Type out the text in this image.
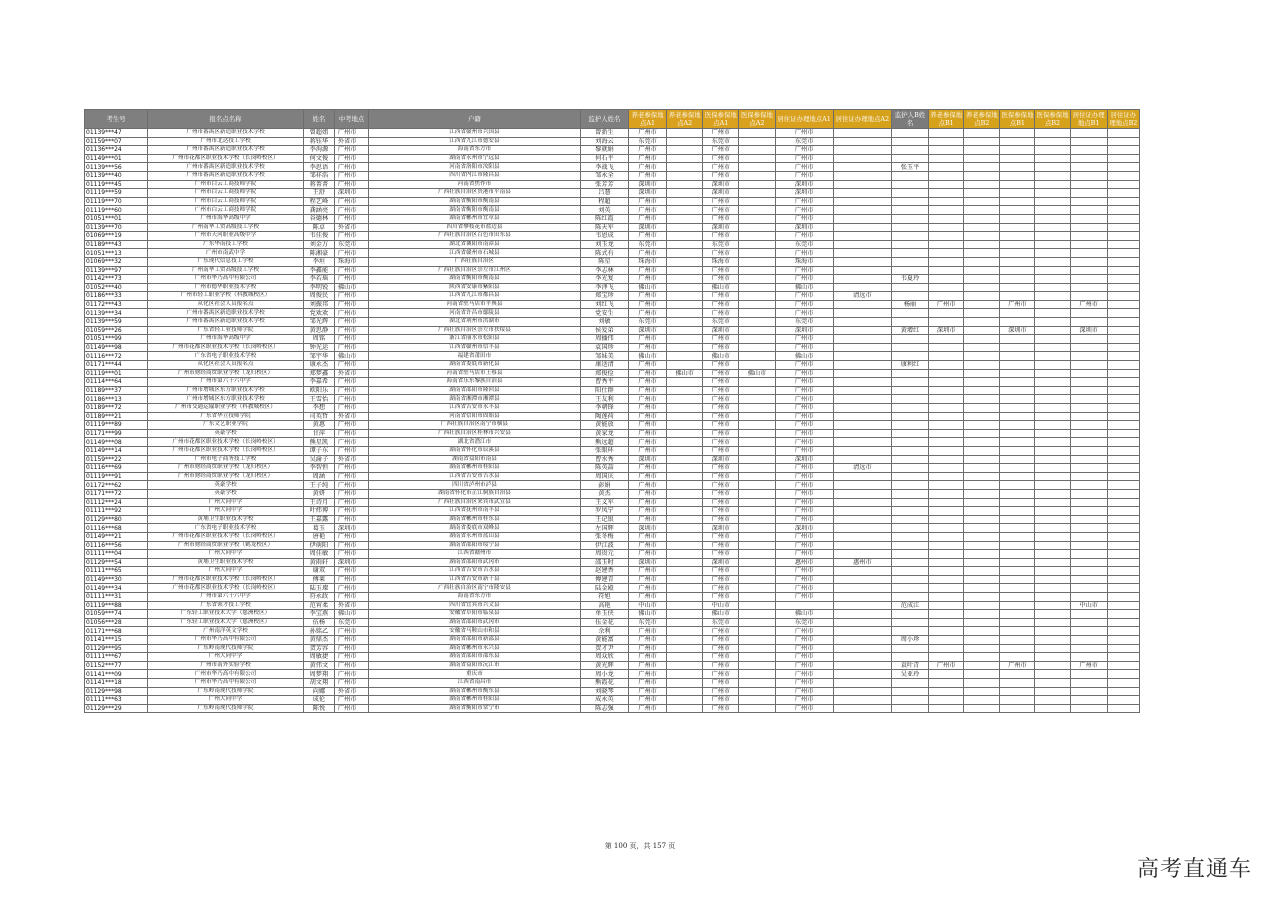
考生号	报名点名称	姓名	中考地点	户籍	监护人姓名	养老参保地点A1	养老参保地点A2	医保参保地点A1	医保参保地点A2	居住证办理地点A1	居住证办理地点A2	监护人B姓名	养老参保地点B1	养老参保地点B2	医保参保地点B1	医保参保地点B2	居住证办理地点B1	居住证办理地点B2
01139***47	广州市番禺区新造职业技术学校	曾超姐	广州市	江西省赣州市兴国县	曾新生	广州市		广州市		广州市								
01159***07	广州市北达技工学校	蒋钰华	外省市	江西省九江市德安县	刘海云	东莞市		东莞市		东莞市								
01136***24	广州市番禺区新造职业技术学校	李洵源	广州市	海南省东方市	黎就娟	广州市		广州市		广州市								
01149***01	广州市花都区职业技术学校（长岗岭校区）	何文俊	广州市	湖南省永州市宁远县	何石平	广州市		广州市		广州市								
01139***56	广州市番禺区新造职业技术学校	李思语	广州市	河南省洛阳市汝阳县	李战飞	广州市		广州市		广州市		张玉平						
01139***40	广州市番禺区新造职业技术学校	邹祥浩	广州市	四川省内江市隆昌县	邹永全	广州市		广州市		广州市								
01119***45	广州市白云工商技师学院	蒋菁菁	广州市	河南省焦作市	张芳芳	深圳市		深圳市		深圳市								
01119***59	广州市白云工商技师学院	王舒	深圳市	广西壮族自治区贵港市平南县	吕慧	深圳市		深圳市		深圳市								
01119***70	广州市白云工商技师学院	程艺峰	广州市	湖南省衡阳市衡南县	程超	广州市		广州市		广州市								
01119***60	广州市白云工商技师学院	龚涵亮	广州市	湖南省衡阳市衡南县	刘英	广州市		广州市		广州市								
01051***01	广州市海华高级中学	谷德林	广州市	湖南省郴州市宜章县	陈红霞	广州市		广州市		广州市								
01139***70	广州南华工贸高级技工学校	陈卓	外省市	四川省攀枝花市盐边县	陈天军	深圳市		深圳市		深圳市								
01069***19	广州市天河职业高级中学	韦佳俊	广州市	广西壮族自治区百色市田东县	韦恩成	广州市		广州市		广州市								
01189***43	广东华南技工学校	刘金万	东莞市	湖北省襄阳市南漳县	刘玉龙	东莞市		东莞市		东莞市								
01051***13	广州市南武中学	陈湘豪	广州市	江西省赣州市石城县	陈式有	广州市		广州市		广州市								
01069***32	广东现代信息技工学校	李垣	珠海市	广西壮族自治区	陈星	珠海市		珠海市		珠海市								
01139***97	广州南华工贸高级技工学校	李鑫能	广州市	广西壮族自治区崇左市江州区	李志林	广州市		广州市		广州市								
01142***73	广州市华乃高中有限公司	李若瑶	广州市	湖南省衡阳市衡南县	李光复	广州市		广州市		广州市		韦夏玲						
01052***40	广州市德华职业技术学校	李明锐	佛山市	陕西省安康市紫阳县	李泽飞	佛山市		佛山市		佛山市								
01186***33	广州市轻工职业学校（科教城校区）	周俊民	广州市	江西省九江市都昌县	郑宝珍	广州市		广州市		广州市	清远市							
01172***43	从化区社会人员报名点	刘振邦	广州市	河南省驻马店市平舆县	刘红飞	广州市		广州市		广州市		杨丽	广州市		广州市		广州市	
01139***34	广州市番禺区新造职业技术学校	党欢欢	广州市	河南省许昌市鄢陵县	党安生	广州市		广州市		广州市								
01139***59	广州市番禺区新造职业技术学校	邹光辉	广州市	湖北省荆州市洪湖市	刘敏	东莞市		东莞市		东莞市								
01059***26	广东省轻工业技师学院	黄思静	广州市	广西壮族自治区崇左市扶绥县	侯爱弟	深圳市		深圳市		深圳市		黄增红	深圳市		深圳市		深圳市	
01051***99	广州市海华高级中学	周铭	广州市	浙江省丽水市松阳县	周播伟	广州市		广州市		广州市								
01149***98	广州市花都区职业技术学校（长岗岭校区）	钟光运	广州市	江西省赣州市信丰县	袁国珍	广州市		广州市		广州市								
01116***72	广东省电子职业技术学校	邹宇华	佛山市	福建省莆田市	邹妹美	佛山市		佛山市		佛山市								
01171***44	从化区社会人员报名点	康永杰	广州市	湖南省娄底市新化县	康送清	广州市		广州市		广州市		康利红						
01119***01	广州市财经商贸职业学校（龙归校区）	郑梦鑫	外省市	河南省驻马店市上蔡县	郑俊俭	广州市	佛山市	广州市	佛山市	广州市								
01114***64	广州市第六十六中学	李嘉希	广州市	海南省乐东黎族自治县	曹秀平	广州市		广州市		广州市								
01189***37	广州市增城区东方职业技术学校	欧阳乐	广州市	湖南省邵阳市隆回县	阳仕群	广州市		广州市		广州市								
01186***13	广州市增城区东方职业技术学校	王雪怡	广州市	湖南省湘潭市湘潭县	王友利	广州市		广州市		广州市								
01189***72	广州市交通运输职业学校（科教城校区）	李想	广州市	江西省吉安市永丰县	李朝锋	广州市		广州市		广州市								
01189***21	广东省华立技师学院	司英哲	外省市	河南省信阳市固始县	陶莲荷	广州市		广州市		广州市								
01119***89	广东文艺职业学院	黄惠	广州市	广西壮族自治区南宁市横县	黄能放	广州市		广州市		广州市								
01171***99	英豪学校	甘萍	广州市	广西壮族自治区桂林市兴安县	黄家龙	广州市		广州市		广州市								
01149***08	广州市花都区职业技术学校（长岗岭校区）	熊星凯	广州市	湖北省潜江市	熊远超	广州市		广州市		广州市								
01149***14	广州市花都区职业技术学校（长岗岭校区）	谭子东	广州市	湖南省怀化市辰溪县	张眼环	广州市		广州市		广州市								
01159***22	广州市电子商务技工学校	吴渝子	外省市	湖南省益阳市南县	曹水秀	深圳市		深圳市		深圳市								
01116***69	广州市财经商贸职业学校（龙归校区）	李智恒	广州市	湖南省郴州市桂阳县	陈英喆	广州市		广州市		广州市	清远市							
01119***91	广州市财经商贸职业学校（龙归校区）	周涵	广州市	江西省吉安市吉水县	周国庆	广州市		广州市		广州市								
01172***62	英豪学校	王子纯	广州市	四川省泸州市泸县	彭娟	广州市		广州市		广州市								
01171***72	英豪学校	黄妍	广州市	湖南省怀化市芷江侗族自治县	黄杰	广州市		广州市		广州市								
01112***24	广州大同中学	王诗月	广州市	广西壮族自治区来宾市武宣县	王义军	广州市		广州市		广州市								
01111***92	广州大同中学	叶炜博	广州市	江西省抚州市南丰县	罗凤宁	广州市		广州市		广州市								
01129***80	黄埔卫生职业技术学校	王嘉露	广州市	湖南省郴州市桂东县	王记银	广州市		广州市		广州市								
01116***68	广东省电子职业技术学校	葛玉	深圳市	湖南省娄底市双峰县	左国辉	深圳市		深圳市		深圳市								
01149***21	广州市花都区职业技术学校（长岗岭校区）	唐艳	广州市	湖南省永州市蓝山县	张冬梅	广州市		广州市		广州市								
01116***56	广州市财经商贸职业学校（鹤龙校区）	伊萌阳	广州市	湖南省邵阳市绥宁县	伊江波	广州市		广州市		广州市								
01111***04	广州大同中学	周佳敏	广州市	江西省赣州市	周贵元	广州市		广州市		广州市								
01129***54	黄埔卫生职业技术学校	黄雨轩	深圳市	湖南省邵阳市武冈市	邵玉时	深圳市		深圳市		惠州市	惠州市							
01111***65	广州大同中学	谢双	广州市	江西省吉安市吉水县	赵建香	广州市		广州市		广州市								
01149***30	广州市花都区职业技术学校（长岗岭校区）	傅莱	广州市	江西省吉安市新干县	傅建青	广州市		广州市		广州市								
01149***34	广州市花都区职业技术学校（长岗岭校区）	陆玉璨	广州市	广西壮族自治区南宁市隆安县	陆金殿	广州市		广州市		广州市								
01111***31	广州市第六十六中学	符永政	广州市	海南省东方市	符旭	广州市		广州市		广州市								
01119***88	广东省领才技工学校	范宵柔	外省市	四川省宜宾市兴文县	高艳	中山市		中山市				范成江					中山市	
01059***74	广东轻工职业技术大学（慈洲校区）	李宝燕	佛山市	安徽省阜阳市临泉县	单玉侠	佛山市		佛山市		佛山市								
01056***28	广东轻工职业技术大学（慈洲校区）	伍杨	东莞市	湖南省邵阳市武冈市	伍金花	东莞市		东莞市		东莞市								
01171***68	广州南洋英文学校	孙铭乙	广州市	安徽省马鞍山市和县	余利	广州市		广州市		广州市								
01141***15	广州市华乃高中有限公司	黄鼎杰	广州市	湖南省邵阳市新邵县	黄能富	广州市		广州市		广州市		周小珍						
01129***95	广东岭南现代技师学院	贺芳容	广州市	湖南省郴州市永兴县	贺才尹	广州市		广州市		广州市								
01111***67	广州大同中学	周敏捷	广州市	湖南省邵阳市邵东县	周众欣	广州市		广州市		广州市								
01152***77	广州市南外实验学校	黄伟文	广州市	湖南省益阳市沅江市	黄光辉	广州市		广州市		广州市		袁叶青	广州市		广州市		广州市	
01141***09	广州市华乃高中有限公司	周梦翔	广州市	重庆市	周小龙	广州市		广州市		广州市		吴亚玲						
01141***18	广州市华乃高中有限公司	胡文翔	广州市	江西省南昌市	熊霞花	广州市		广州市		广州市								
01129***98	广东岭南现代技师学院	向娜	外省市	湖南省郴州市衡东县	刘晓琴	广州市		广州市		广州市								
01111***63	广州大同中学	成伦	广州市	湖南省郴州市桂阳县	成永英	广州市		广州市		广州市								
01129***29	广东岭南现代技师学院	陈悦	广州市	湖南省衡阳市常宁市	陈志强	广州市		广州市		广州市								
第 100 页，共 157 页
高考直通车
